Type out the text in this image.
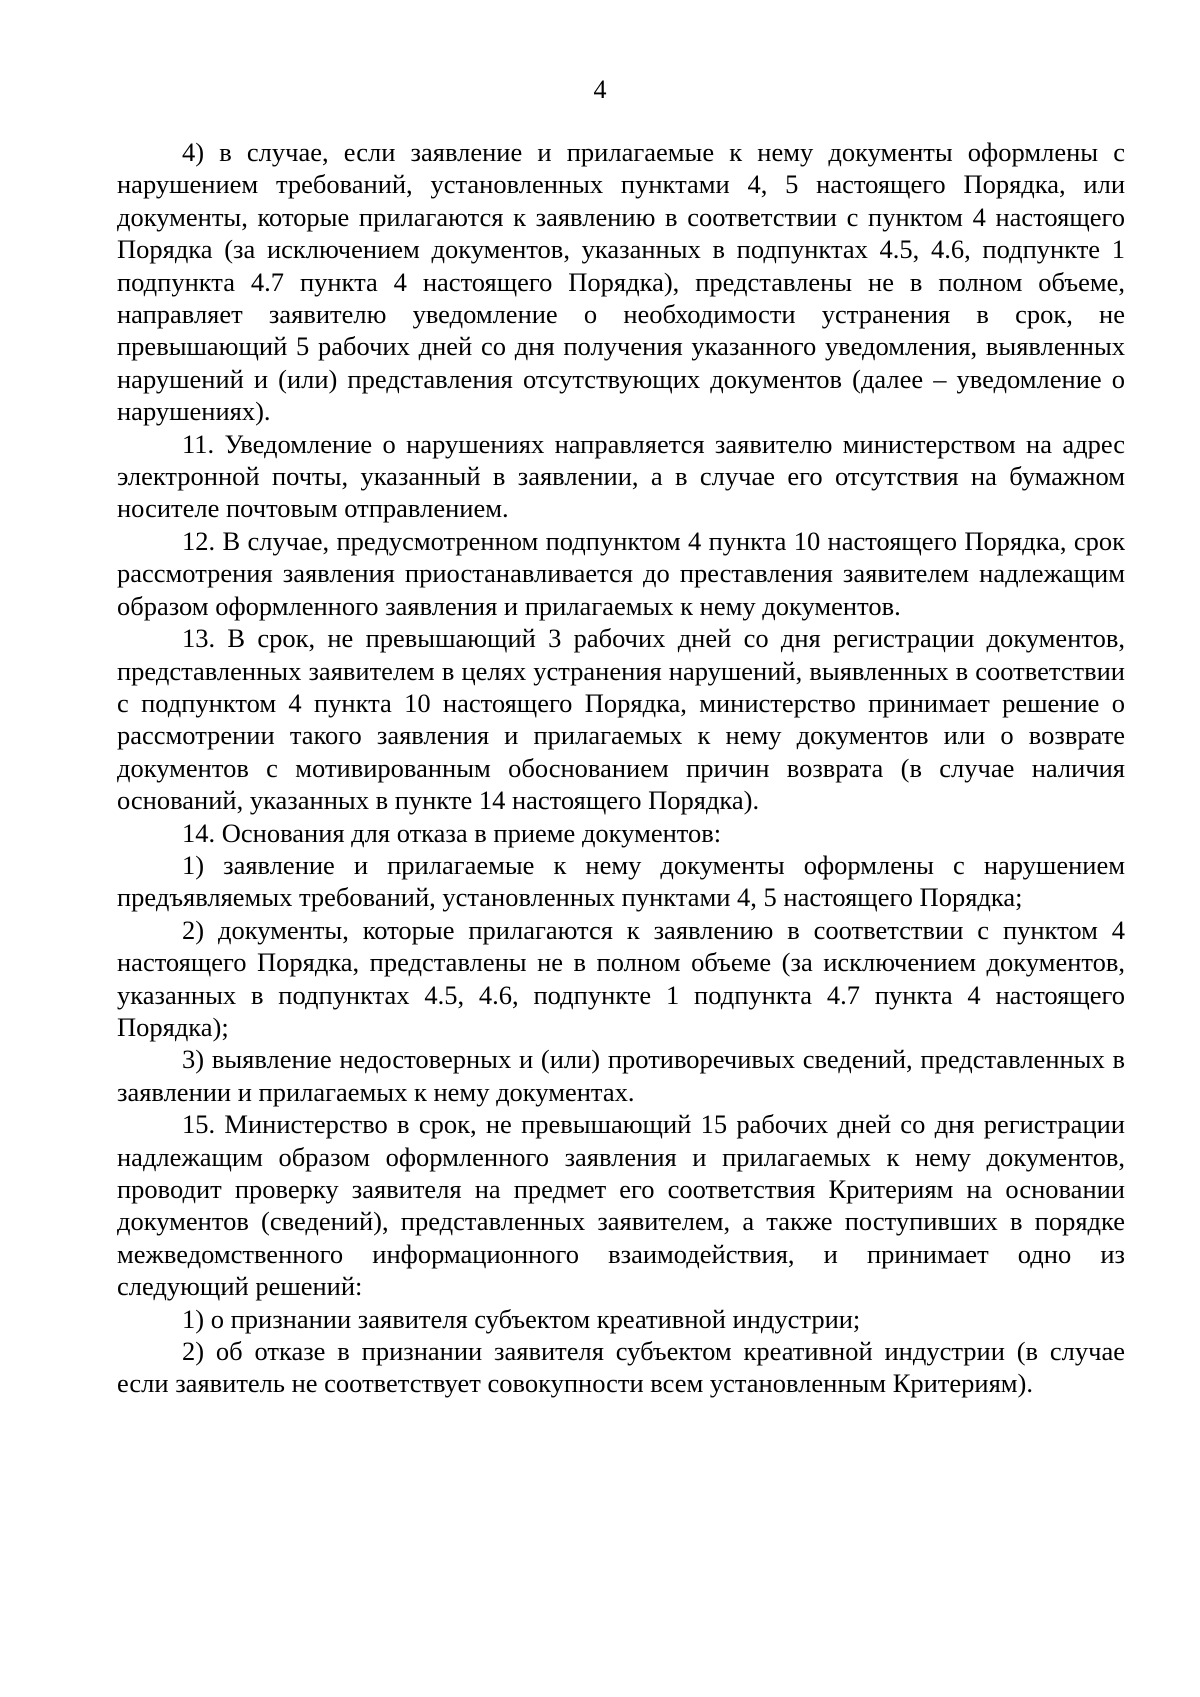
4

4) в случае, если заявление и прилагаемые к нему документы оформлены с нарушением требований, установленных пунктами 4, 5 настоящего Порядка, или документы, которые прилагаются к заявлению в соответствии с пунктом 4 настоящего Порядка (за исключением документов, указанных в подпунктах 4.5, 4.6, подпункте 1 подпункта 4.7 пункта 4 настоящего Порядка), представлены не в полном объеме, направляет заявителю уведомление о необходимости устранения в срок, не превышающий 5 рабочих дней со дня получения указанного уведомления, выявленных нарушений и (или) представления отсутствующих документов (далее – уведомление о нарушениях).

11. Уведомление о нарушениях направляется заявителю министерством на адрес электронной почты, указанный в заявлении, а в случае его отсутствия на бумажном носителе почтовым отправлением.

12. В случае, предусмотренном подпунктом 4 пункта 10 настоящего Порядка, срок рассмотрения заявления приостанавливается до преставления заявителем надлежащим образом оформленного заявления и прилагаемых к нему документов.

13. В срок, не превышающий 3 рабочих дней со дня регистрации документов, представленных заявителем в целях устранения нарушений, выявленных в соответствии с подпунктом 4 пункта 10 настоящего Порядка, министерство принимает решение о рассмотрении такого заявления и прилагаемых к нему документов или о возврате документов с мотивированным обоснованием причин возврата (в случае наличия оснований, указанных в пункте 14 настоящего Порядка).

14. Основания для отказа в приеме документов:

1) заявление и прилагаемые к нему документы оформлены с нарушением предъявляемых требований, установленных пунктами 4, 5 настоящего Порядка;

2) документы, которые прилагаются к заявлению в соответствии с пунктом 4 настоящего Порядка, представлены не в полном объеме (за исключением документов, указанных в подпунктах 4.5, 4.6, подпункте 1 подпункта 4.7 пункта 4 настоящего Порядка);

3) выявление недостоверных и (или) противоречивых сведений, представленных в заявлении и прилагаемых к нему документах.

15. Министерство в срок, не превышающий 15 рабочих дней со дня регистрации надлежащим образом оформленного заявления и прилагаемых к нему документов, проводит проверку заявителя на предмет его соответствия Критериям на основании документов (сведений), представленных заявителем, а также поступивших в порядке межведомственного информационного взаимодействия, и принимает одно из следующий решений:

1) о признании заявителя субъектом креативной индустрии;

2) об отказе в признании заявителя субъектом креативной индустрии (в случае если заявитель не соответствует совокупности всем установленным Критериям).
